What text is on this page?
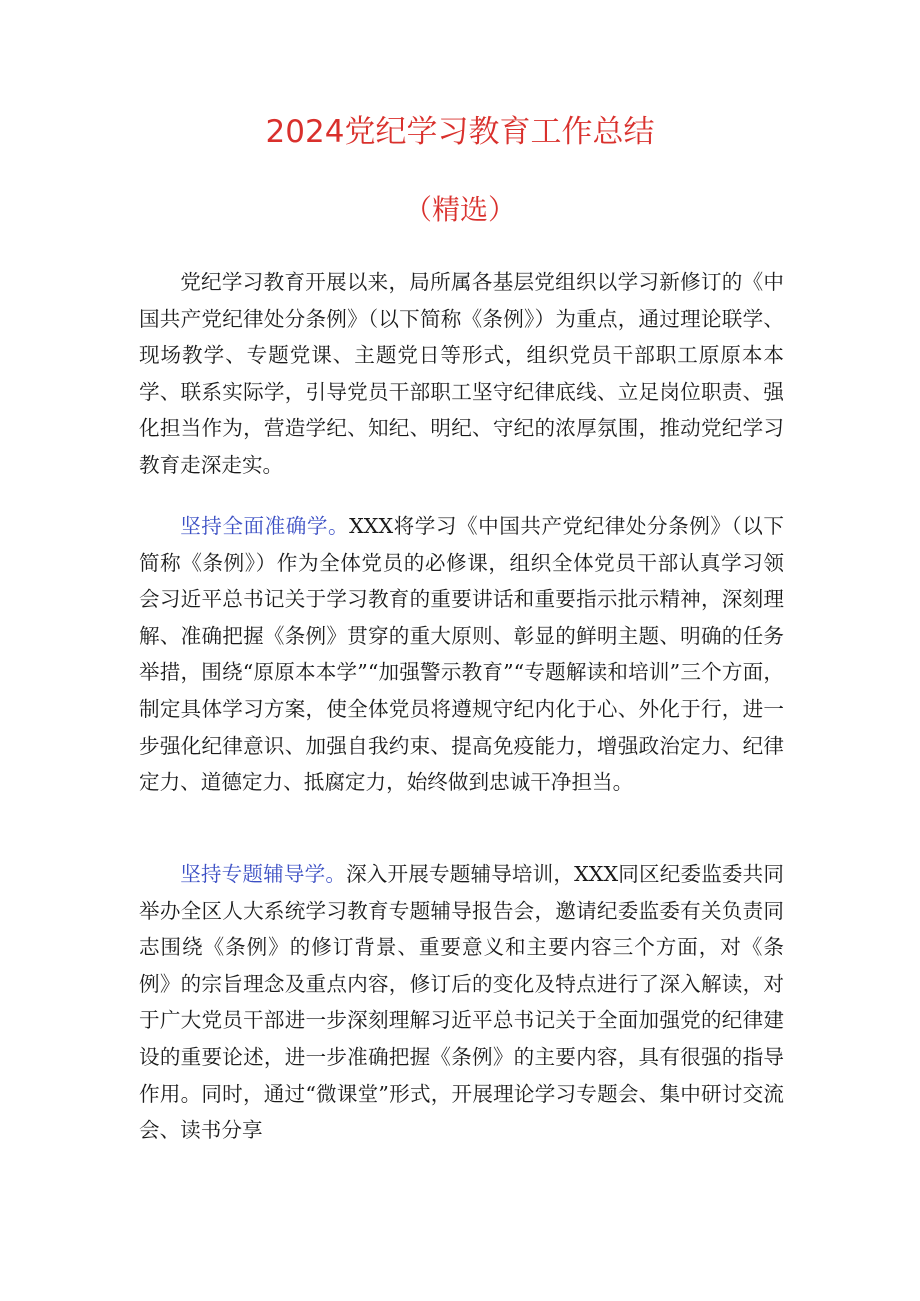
2024党纪学习教育工作总结
（精选）

党纪学习教育开展以来，局所属各基层党组织以学习新修订的《中国共产党纪律处分条例》（以下简称《条例》）为重点，通过理论联学、现场教学、专题党课、主题党日等形式，组织党员干部职工原原本本学、联系实际学，引导党员干部职工坚守纪律底线、立足岗位职责、强化担当作为，营造学纪、知纪、明纪、守纪的浓厚氛围，推动党纪学习教育走深走实。

坚持全面准确学。XXX将学习《中国共产党纪律处分条例》（以下简称《条例》）作为全体党员的必修课，组织全体党员干部认真学习领会习近平总书记关于学习教育的重要讲话和重要指示批示精神，深刻理解、准确把握《条例》贯穿的重大原则、彰显的鲜明主题、明确的任务举措，围绕“原原本本学”“加强警示教育”“专题解读和培训”三个方面，制定具体学习方案，使全体党员将遵规守纪内化于心、外化于行，进一步强化纪律意识、加强自我约束、提高免疫能力，增强政治定力、纪律定力、道德定力、抵腐定力，始终做到忠诚干净担当。

坚持专题辅导学。深入开展专题辅导培训，XXX同区纪委监委共同举办全区人大系统学习教育专题辅导报告会，邀请纪委监委有关负责同志围绕《条例》的修订背景、重要意义和主要内容三个方面，对《条例》的宗旨理念及重点内容，修订后的变化及特点进行了深入解读，对于广大党员干部进一步深刻理解习近平总书记关于全面加强党的纪律建设的重要论述，进一步准确把握《条例》的主要内容，具有很强的指导作用。同时，通过“微课堂”形式，开展理论学习专题会、集中研讨交流会、读书分享
